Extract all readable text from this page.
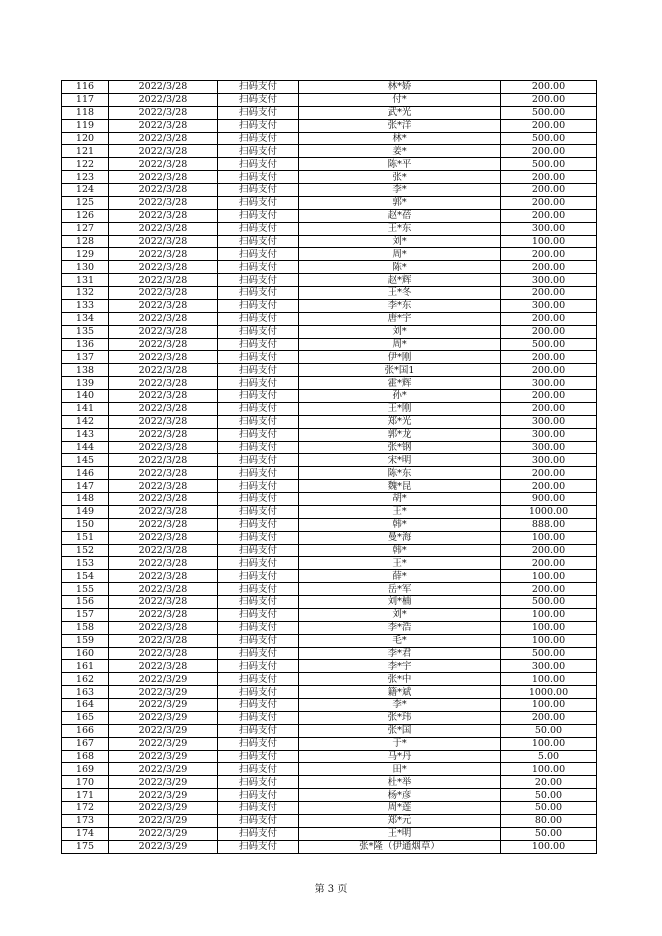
116	2022/3/28	扫码支付	林*娇	200.00
117	2022/3/28	扫码支付	付*	200.00
118	2022/3/28	扫码支付	武*光	500.00
119	2022/3/28	扫码支付	张*洋	200.00
120	2022/3/28	扫码支付	林*	500.00
121	2022/3/28	扫码支付	姜*	200.00
122	2022/3/28	扫码支付	陈*平	500.00
123	2022/3/28	扫码支付	张*	200.00
124	2022/3/28	扫码支付	李*	200.00
125	2022/3/28	扫码支付	郭*	200.00
126	2022/3/28	扫码支付	赵*蓓	200.00
127	2022/3/28	扫码支付	王*东	300.00
128	2022/3/28	扫码支付	刘*	100.00
129	2022/3/28	扫码支付	周*	200.00
130	2022/3/28	扫码支付	陈*	200.00
131	2022/3/28	扫码支付	赵*辉	300.00
132	2022/3/28	扫码支付	王*冬	200.00
133	2022/3/28	扫码支付	李*东	300.00
134	2022/3/28	扫码支付	唐*宇	200.00
135	2022/3/28	扫码支付	刘*	200.00
136	2022/3/28	扫码支付	周*	500.00
137	2022/3/28	扫码支付	伊*刚	200.00
138	2022/3/28	扫码支付	张*国1	200.00
139	2022/3/28	扫码支付	霍*辉	300.00
140	2022/3/28	扫码支付	孙*	200.00
141	2022/3/28	扫码支付	王*刚	200.00
142	2022/3/28	扫码支付	郑*光	300.00
143	2022/3/28	扫码支付	郭*龙	300.00
144	2022/3/28	扫码支付	张*钢	300.00
145	2022/3/28	扫码支付	宋*明	300.00
146	2022/3/28	扫码支付	陈*东	200.00
147	2022/3/28	扫码支付	魏*昆	200.00
148	2022/3/28	扫码支付	胡*	900.00
149	2022/3/28	扫码支付	王*	1000.00
150	2022/3/28	扫码支付	韩*	888.00
151	2022/3/28	扫码支付	曼*海	100.00
152	2022/3/28	扫码支付	韩*	200.00
153	2022/3/28	扫码支付	王*	200.00
154	2022/3/28	扫码支付	薛*	100.00
155	2022/3/28	扫码支付	岳*军	200.00
156	2022/3/28	扫码支付	刘*楠	500.00
157	2022/3/28	扫码支付	刘*	100.00
158	2022/3/28	扫码支付	李*浩	100.00
159	2022/3/28	扫码支付	毛*	100.00
160	2022/3/28	扫码支付	李*君	500.00
161	2022/3/28	扫码支付	李*宇	300.00
162	2022/3/29	扫码支付	张*中	100.00
163	2022/3/29	扫码支付	籍*斌	1000.00
164	2022/3/29	扫码支付	李*	100.00
165	2022/3/29	扫码支付	张*玮	200.00
166	2022/3/29	扫码支付	张*国	50.00
167	2022/3/29	扫码支付	于*	100.00
168	2022/3/29	扫码支付	马*丹	5.00
169	2022/3/29	扫码支付	田*	100.00
170	2022/3/29	扫码支付	杜*举	20.00
171	2022/3/29	扫码支付	杨*彦	50.00
172	2022/3/29	扫码支付	周*莲	50.00
173	2022/3/29	扫码支付	郑*元	80.00
174	2022/3/29	扫码支付	王*明	50.00
175	2022/3/29	扫码支付	张*隆（伊通烟草）	100.00
第 3 页
